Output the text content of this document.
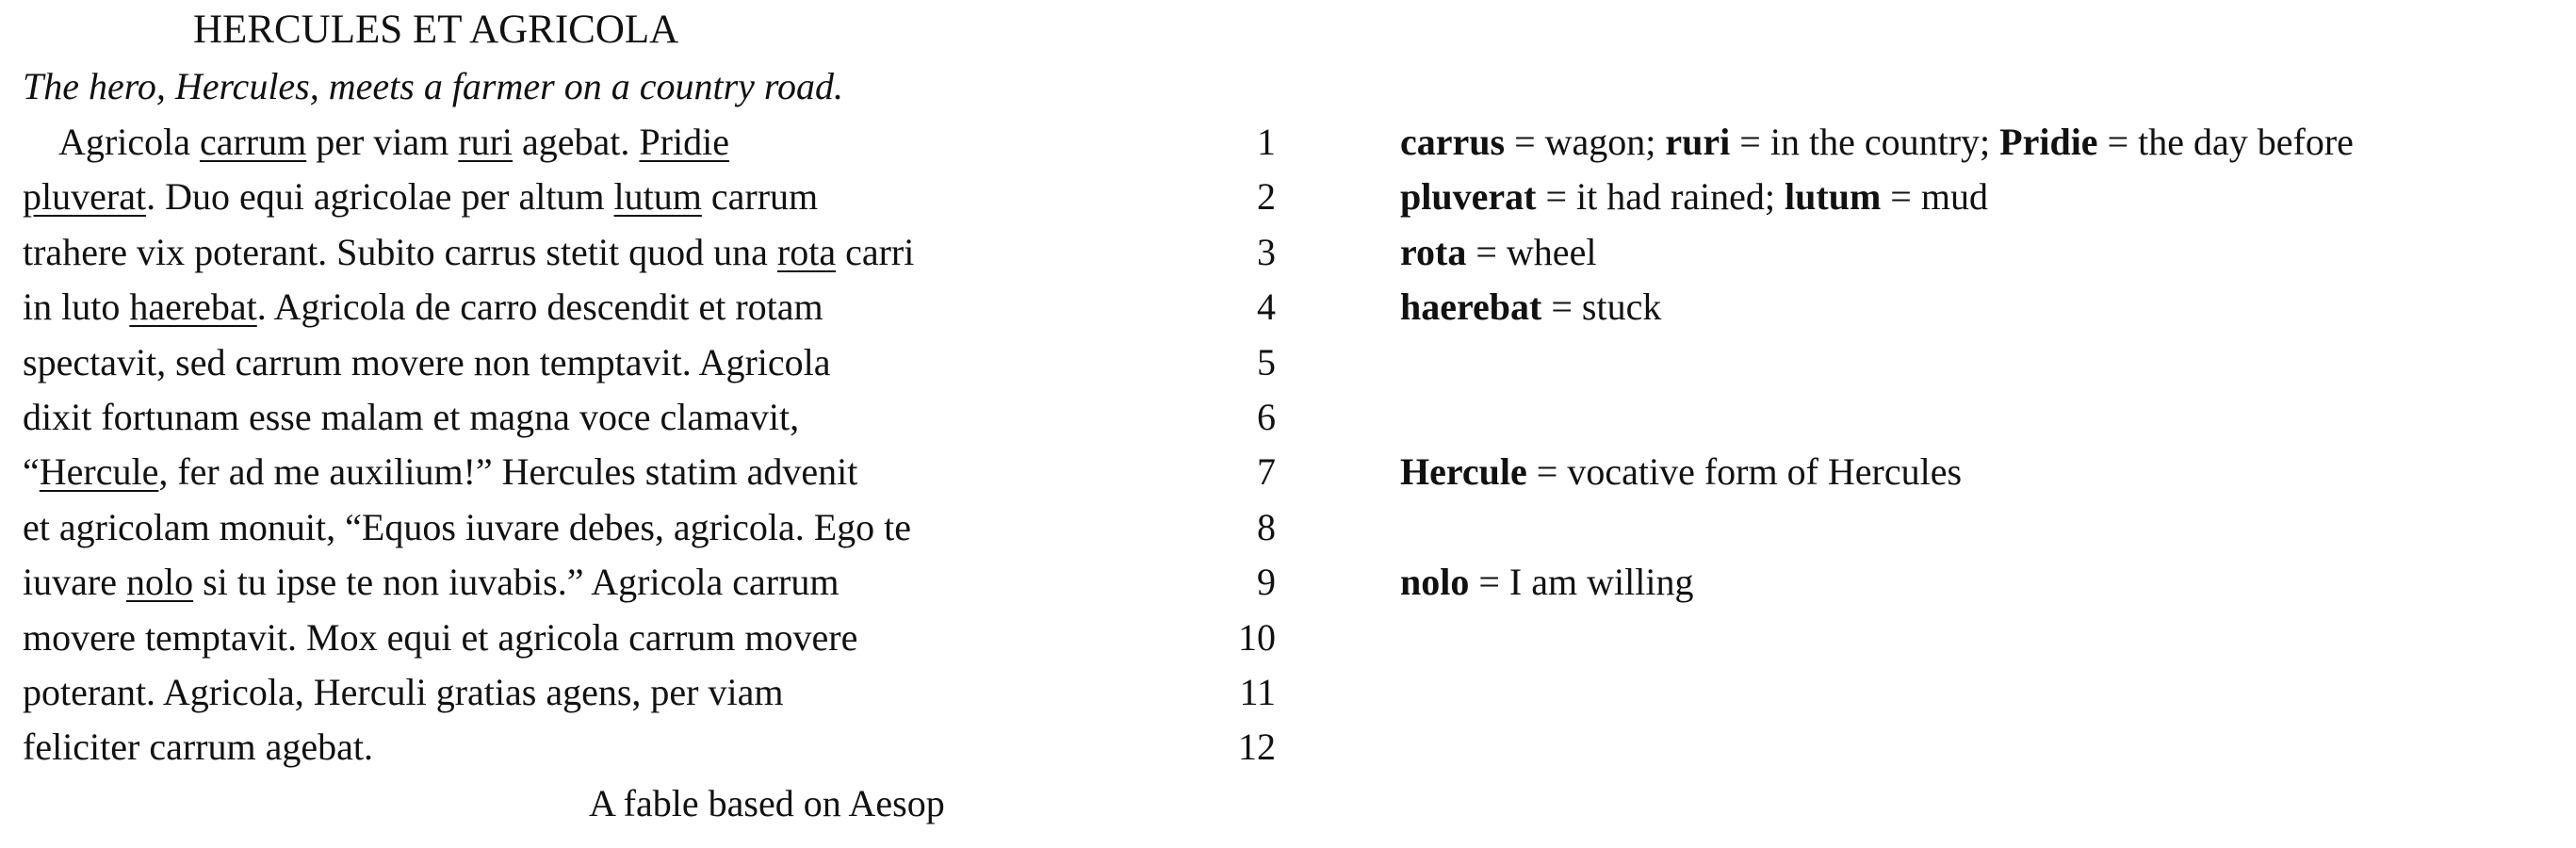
HERCULES ET AGRICOLA
The hero, Hercules, meets a farmer on a country road.
Agricola carrum per viam ruri agebat. Pridie	1
pluverat. Duo equi agricolae per altum lutum carrum	2
trahere vix poterant. Subito carrus stetit quod una rota carri	3
in luto haerebat. Agricola de carro descendit et rotam	4
spectavit, sed carrum movere non temptavit. Agricola	5
dixit fortunam esse malam et magna voce clamavit,	6
“Hercule, fer ad me auxilium!” Hercules statim advenit	7
et agricolam monuit, “Equos iuvare debes, agricola. Ego te	8
iuvare nolo si tu ipse te non iuvabis.” Agricola carrum	9
movere temptavit. Mox equi et agricola carrum movere	10
poterant. Agricola, Herculi gratias agens, per viam	11
feliciter carrum agebat.	12
carrus = wagon; ruri = in the country; Pridie = the day before
pluverat = it had rained; lutum = mud
rota = wheel
haerebat = stuck
Hercule = vocative form of Hercules
nolo = I am willing
A fable based on Aesop
